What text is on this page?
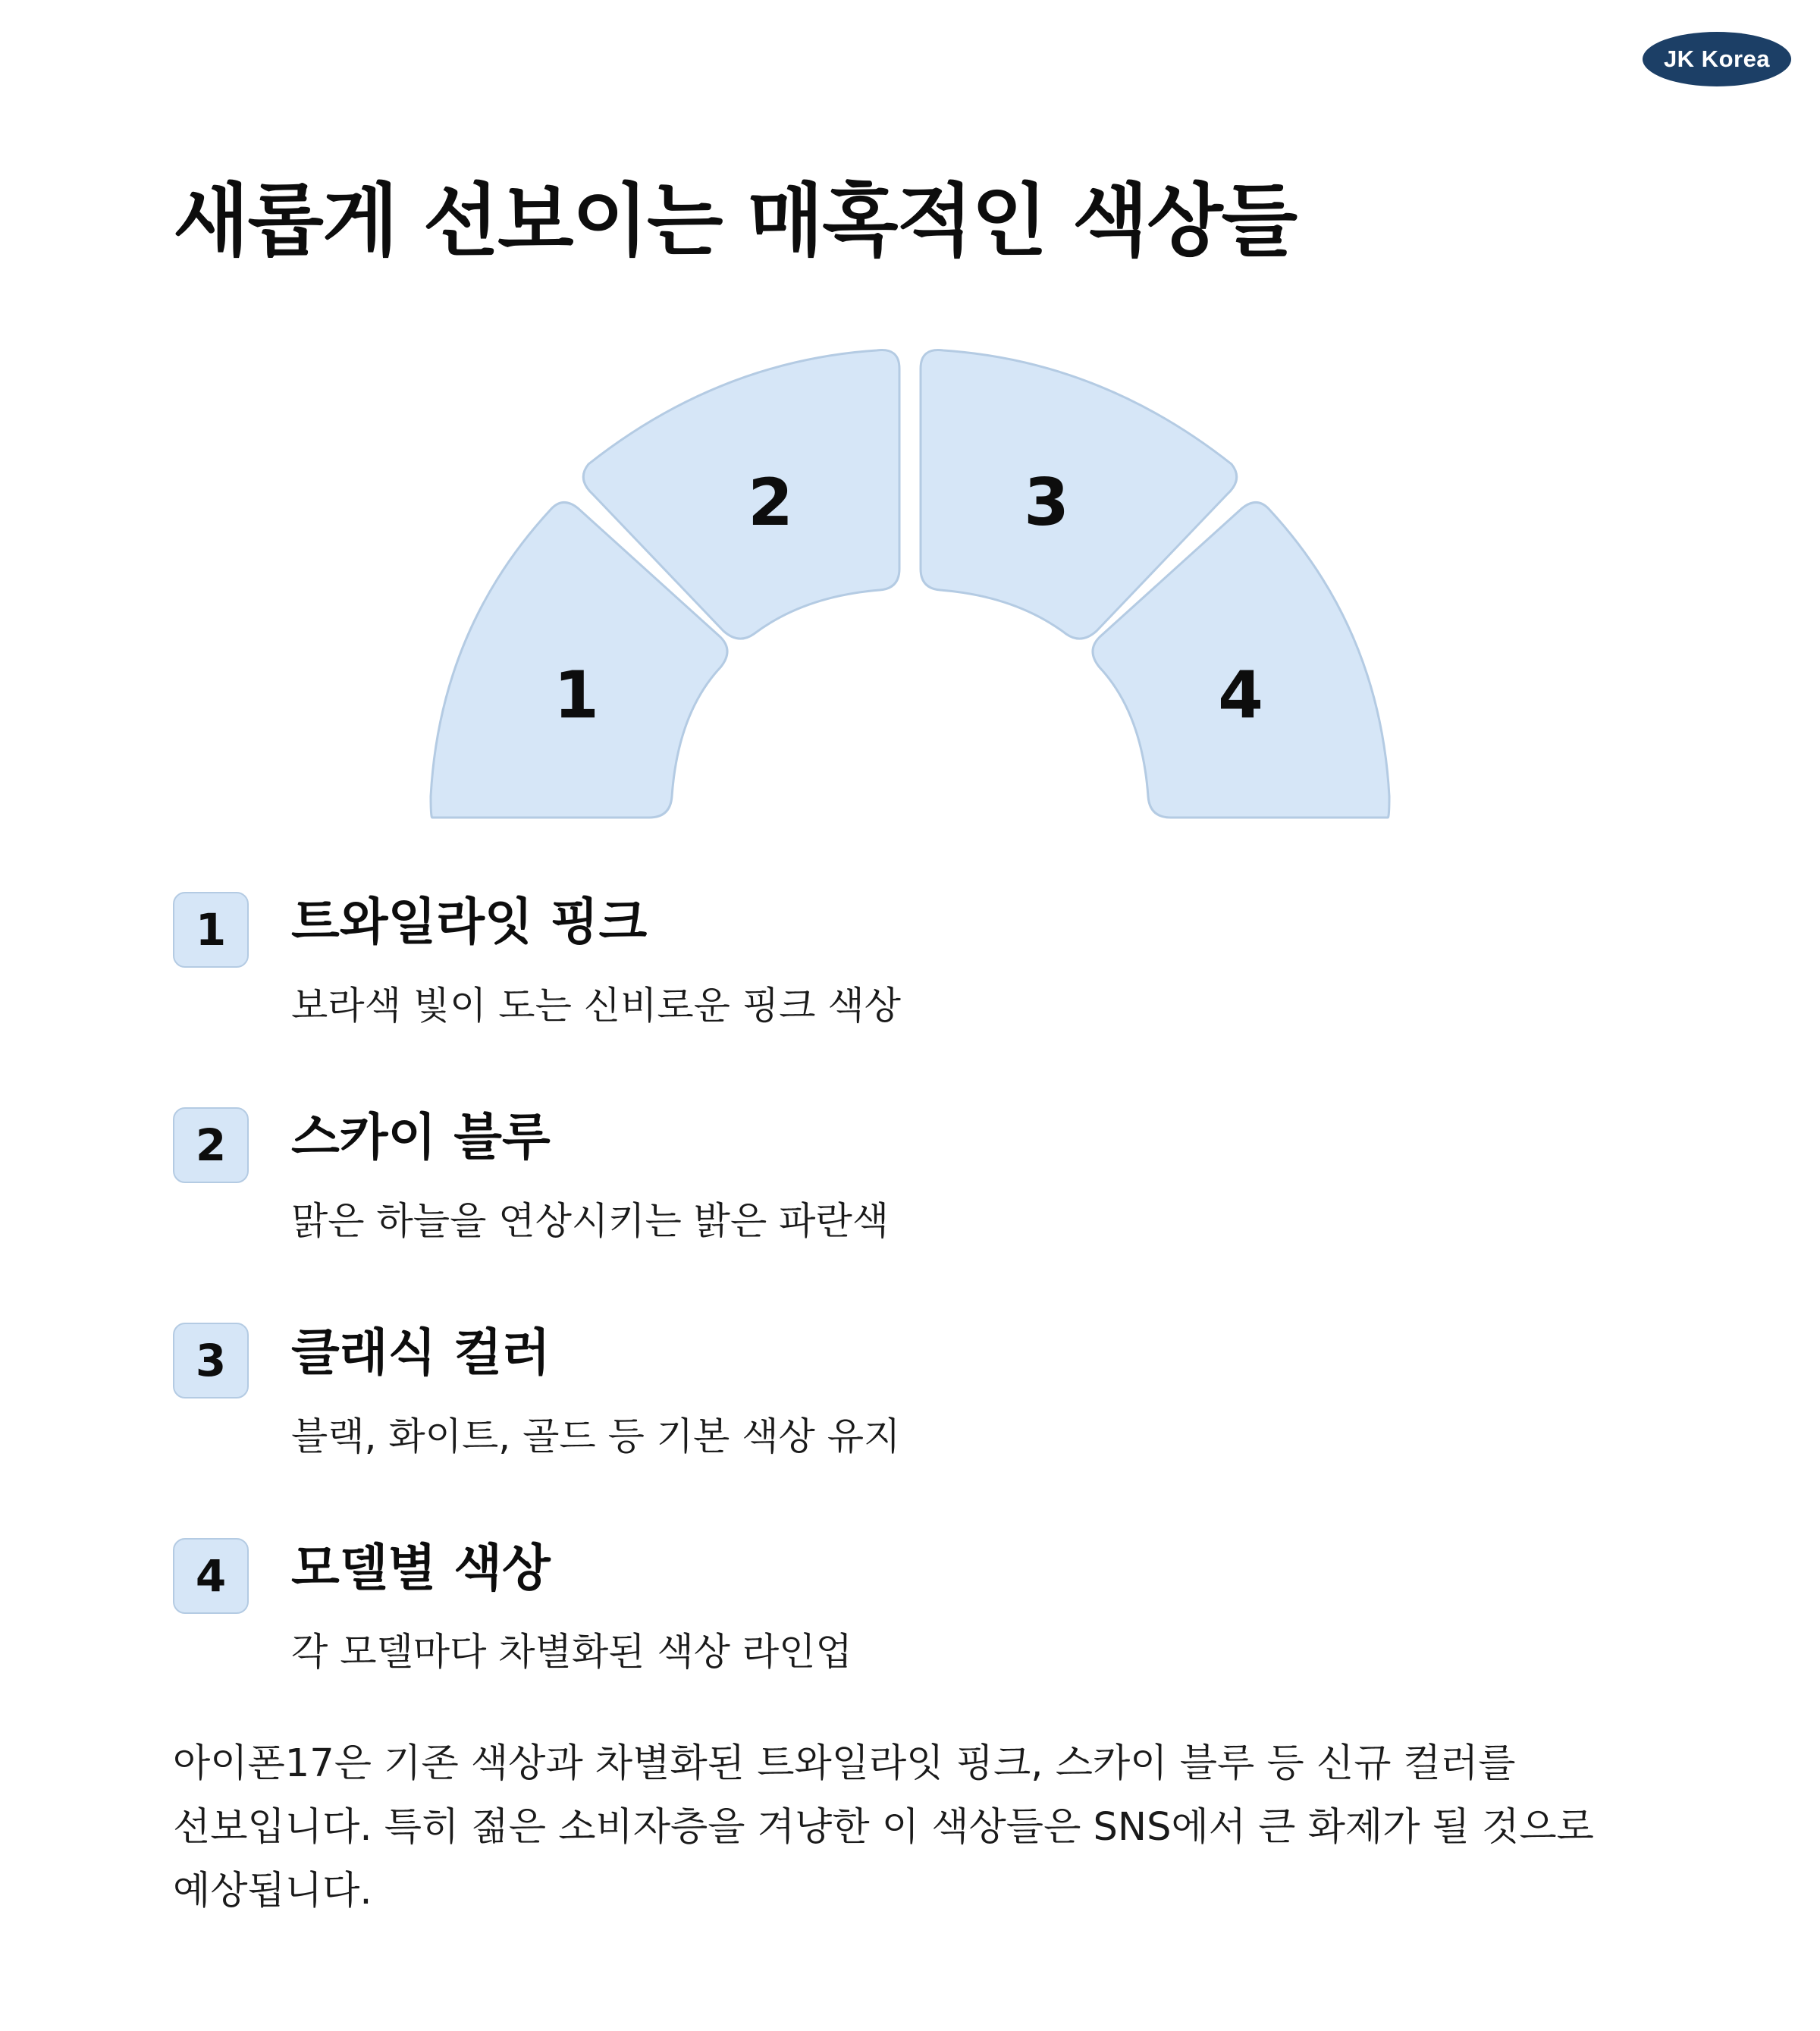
JK Korea
새롭게 선보이는 매혹적인 색상들
1
2	3
4
1	트와일라잇 핑크
보라색 빛이 도는 신비로운 핑크 색상
2	스카이 블루
맑은 하늘을 연상시키는 밝은 파란색
3	클래식 컬러
블랙, 화이트, 골드 등 기본 색상 유지
4	모델별 색상
각 모델마다 차별화된 색상 라인업

아이폰17은 기존 색상과 차별화된 트와일라잇 핑크, 스카이 블루 등 신규 컬러를 선보입니다. 특히 젊은 소비자층을 겨냥한 이 색상들은 SNS에서 큰 화제가 될 것으로 예상됩니다.
